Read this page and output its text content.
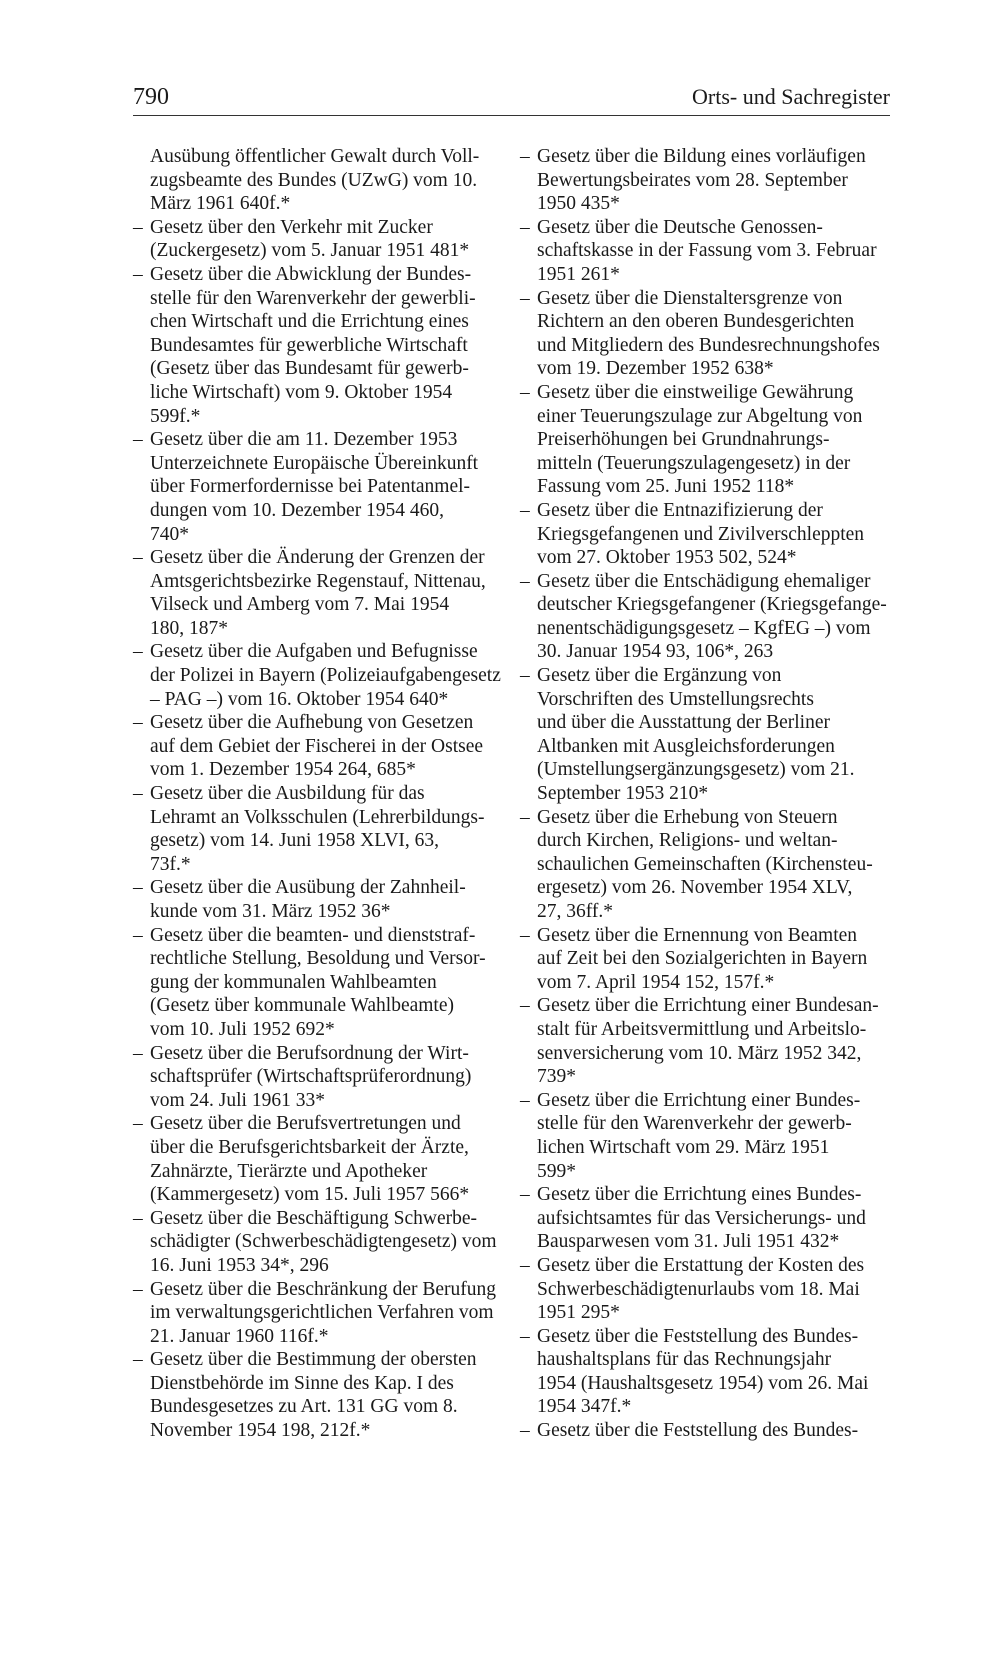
790	Orts- und Sachregister
Ausübung öffentlicher Gewalt durch Voll-
zugsbeamte des Bundes (UZwG) vom 10.
März 1961 640f.*
– Gesetz über den Verkehr mit Zucker
(Zuckergesetz) vom 5. Januar 1951 481*
– Gesetz über die Abwicklung der Bundes-
stelle für den Warenverkehr der gewerbli-
chen Wirtschaft und die Errichtung eines
Bundesamtes für gewerbliche Wirtschaft
(Gesetz über das Bundesamt für gewerb-
liche Wirtschaft) vom 9. Oktober 1954
599f.*
– Gesetz über die am 11. Dezember 1953
Unterzeichnete Europäische Übereinkunft
über Formerfordernisse bei Patentanmel-
dungen vom 10. Dezember 1954 460,
740*
– Gesetz über die Änderung der Grenzen der
Amtsgerichtsbezirke Regenstauf, Nittenau,
Vilseck und Amberg vom 7. Mai 1954
180, 187*
– Gesetz über die Aufgaben und Befugnisse
der Polizei in Bayern (Polizeiaufgabengesetz
– PAG –) vom 16. Oktober 1954 640*
– Gesetz über die Aufhebung von Gesetzen
auf dem Gebiet der Fischerei in der Ostsee
vom 1. Dezember 1954 264, 685*
– Gesetz über die Ausbildung für das
Lehramt an Volksschulen (Lehrerbildungs-
gesetz) vom 14. Juni 1958 XLVI, 63,
73f.*
– Gesetz über die Ausübung der Zahnheil-
kunde vom 31. März 1952 36*
– Gesetz über die beamten- und dienststraf-
rechtliche Stellung, Besoldung und Versor-
gung der kommunalen Wahlbeamten
(Gesetz über kommunale Wahlbeamte)
vom 10. Juli 1952 692*
– Gesetz über die Berufsordnung der Wirt-
schaftsprüfer (Wirtschaftsprüferordnung)
vom 24. Juli 1961 33*
– Gesetz über die Berufsvertretungen und
über die Berufsgerichtsbarkeit der Ärzte,
Zahnärzte, Tierärzte und Apotheker
(Kammergesetz) vom 15. Juli 1957 566*
– Gesetz über die Beschäftigung Schwerbe-
schädigter (Schwerbeschädigtengesetz) vom
16. Juni 1953 34*, 296
– Gesetz über die Beschränkung der Berufung
im verwaltungsgerichtlichen Verfahren vom
21. Januar 1960 116f.*
– Gesetz über die Bestimmung der obersten
Dienstbehörde im Sinne des Kap. I des
Bundesgesetzes zu Art. 131 GG vom 8.
November 1954 198, 212f.*
– Gesetz über die Bildung eines vorläufigen
Bewertungsbeirates vom 28. September
1950 435*
– Gesetz über die Deutsche Genossen-
schaftskasse in der Fassung vom 3. Februar
1951 261*
– Gesetz über die Dienstaltersgrenze von
Richtern an den oberen Bundesgerichten
und Mitgliedern des Bundesrechnungshofes
vom 19. Dezember 1952 638*
– Gesetz über die einstweilige Gewährung
einer Teuerungszulage zur Abgeltung von
Preiserhöhungen bei Grundnahrungs-
mitteln (Teuerungszulagengesetz) in der
Fassung vom 25. Juni 1952 118*
– Gesetz über die Entnazifizierung der
Kriegsgefangenen und Zivilverschleppten
vom 27. Oktober 1953 502, 524*
– Gesetz über die Entschädigung ehemaliger
deutscher Kriegsgefangener (Kriegsgefange-
nenentschädigungsgesetz – KgfEG –) vom
30. Januar 1954 93, 106*, 263
– Gesetz über die Ergänzung von
Vorschriften des Umstellungsrechts
und über die Ausstattung der Berliner
Altbanken mit Ausgleichsforderungen
(Umstellungsergänzungsgesetz) vom 21.
September 1953 210*
– Gesetz über die Erhebung von Steuern
durch Kirchen, Religions- und weltan-
schaulichen Gemeinschaften (Kirchensteu-
ergesetz) vom 26. November 1954 XLV,
27, 36ff.*
– Gesetz über die Ernennung von Beamten
auf Zeit bei den Sozialgerichten in Bayern
vom 7. April 1954 152, 157f.*
– Gesetz über die Errichtung einer Bundesan-
stalt für Arbeitsvermittlung und Arbeitslo-
senversicherung vom 10. März 1952 342,
739*
– Gesetz über die Errichtung einer Bundes-
stelle für den Warenverkehr der gewerb-
lichen Wirtschaft vom 29. März 1951
599*
– Gesetz über die Errichtung eines Bundes-
aufsichtsamtes für das Versicherungs- und
Bausparwesen vom 31. Juli 1951 432*
– Gesetz über die Erstattung der Kosten des
Schwerbeschädigtenurlaubs vom 18. Mai
1951 295*
– Gesetz über die Feststellung des Bundes-
haushaltsplans für das Rechnungsjahr
1954 (Haushaltsgesetz 1954) vom 26. Mai
1954 347f.*
– Gesetz über die Feststellung des Bundes-
